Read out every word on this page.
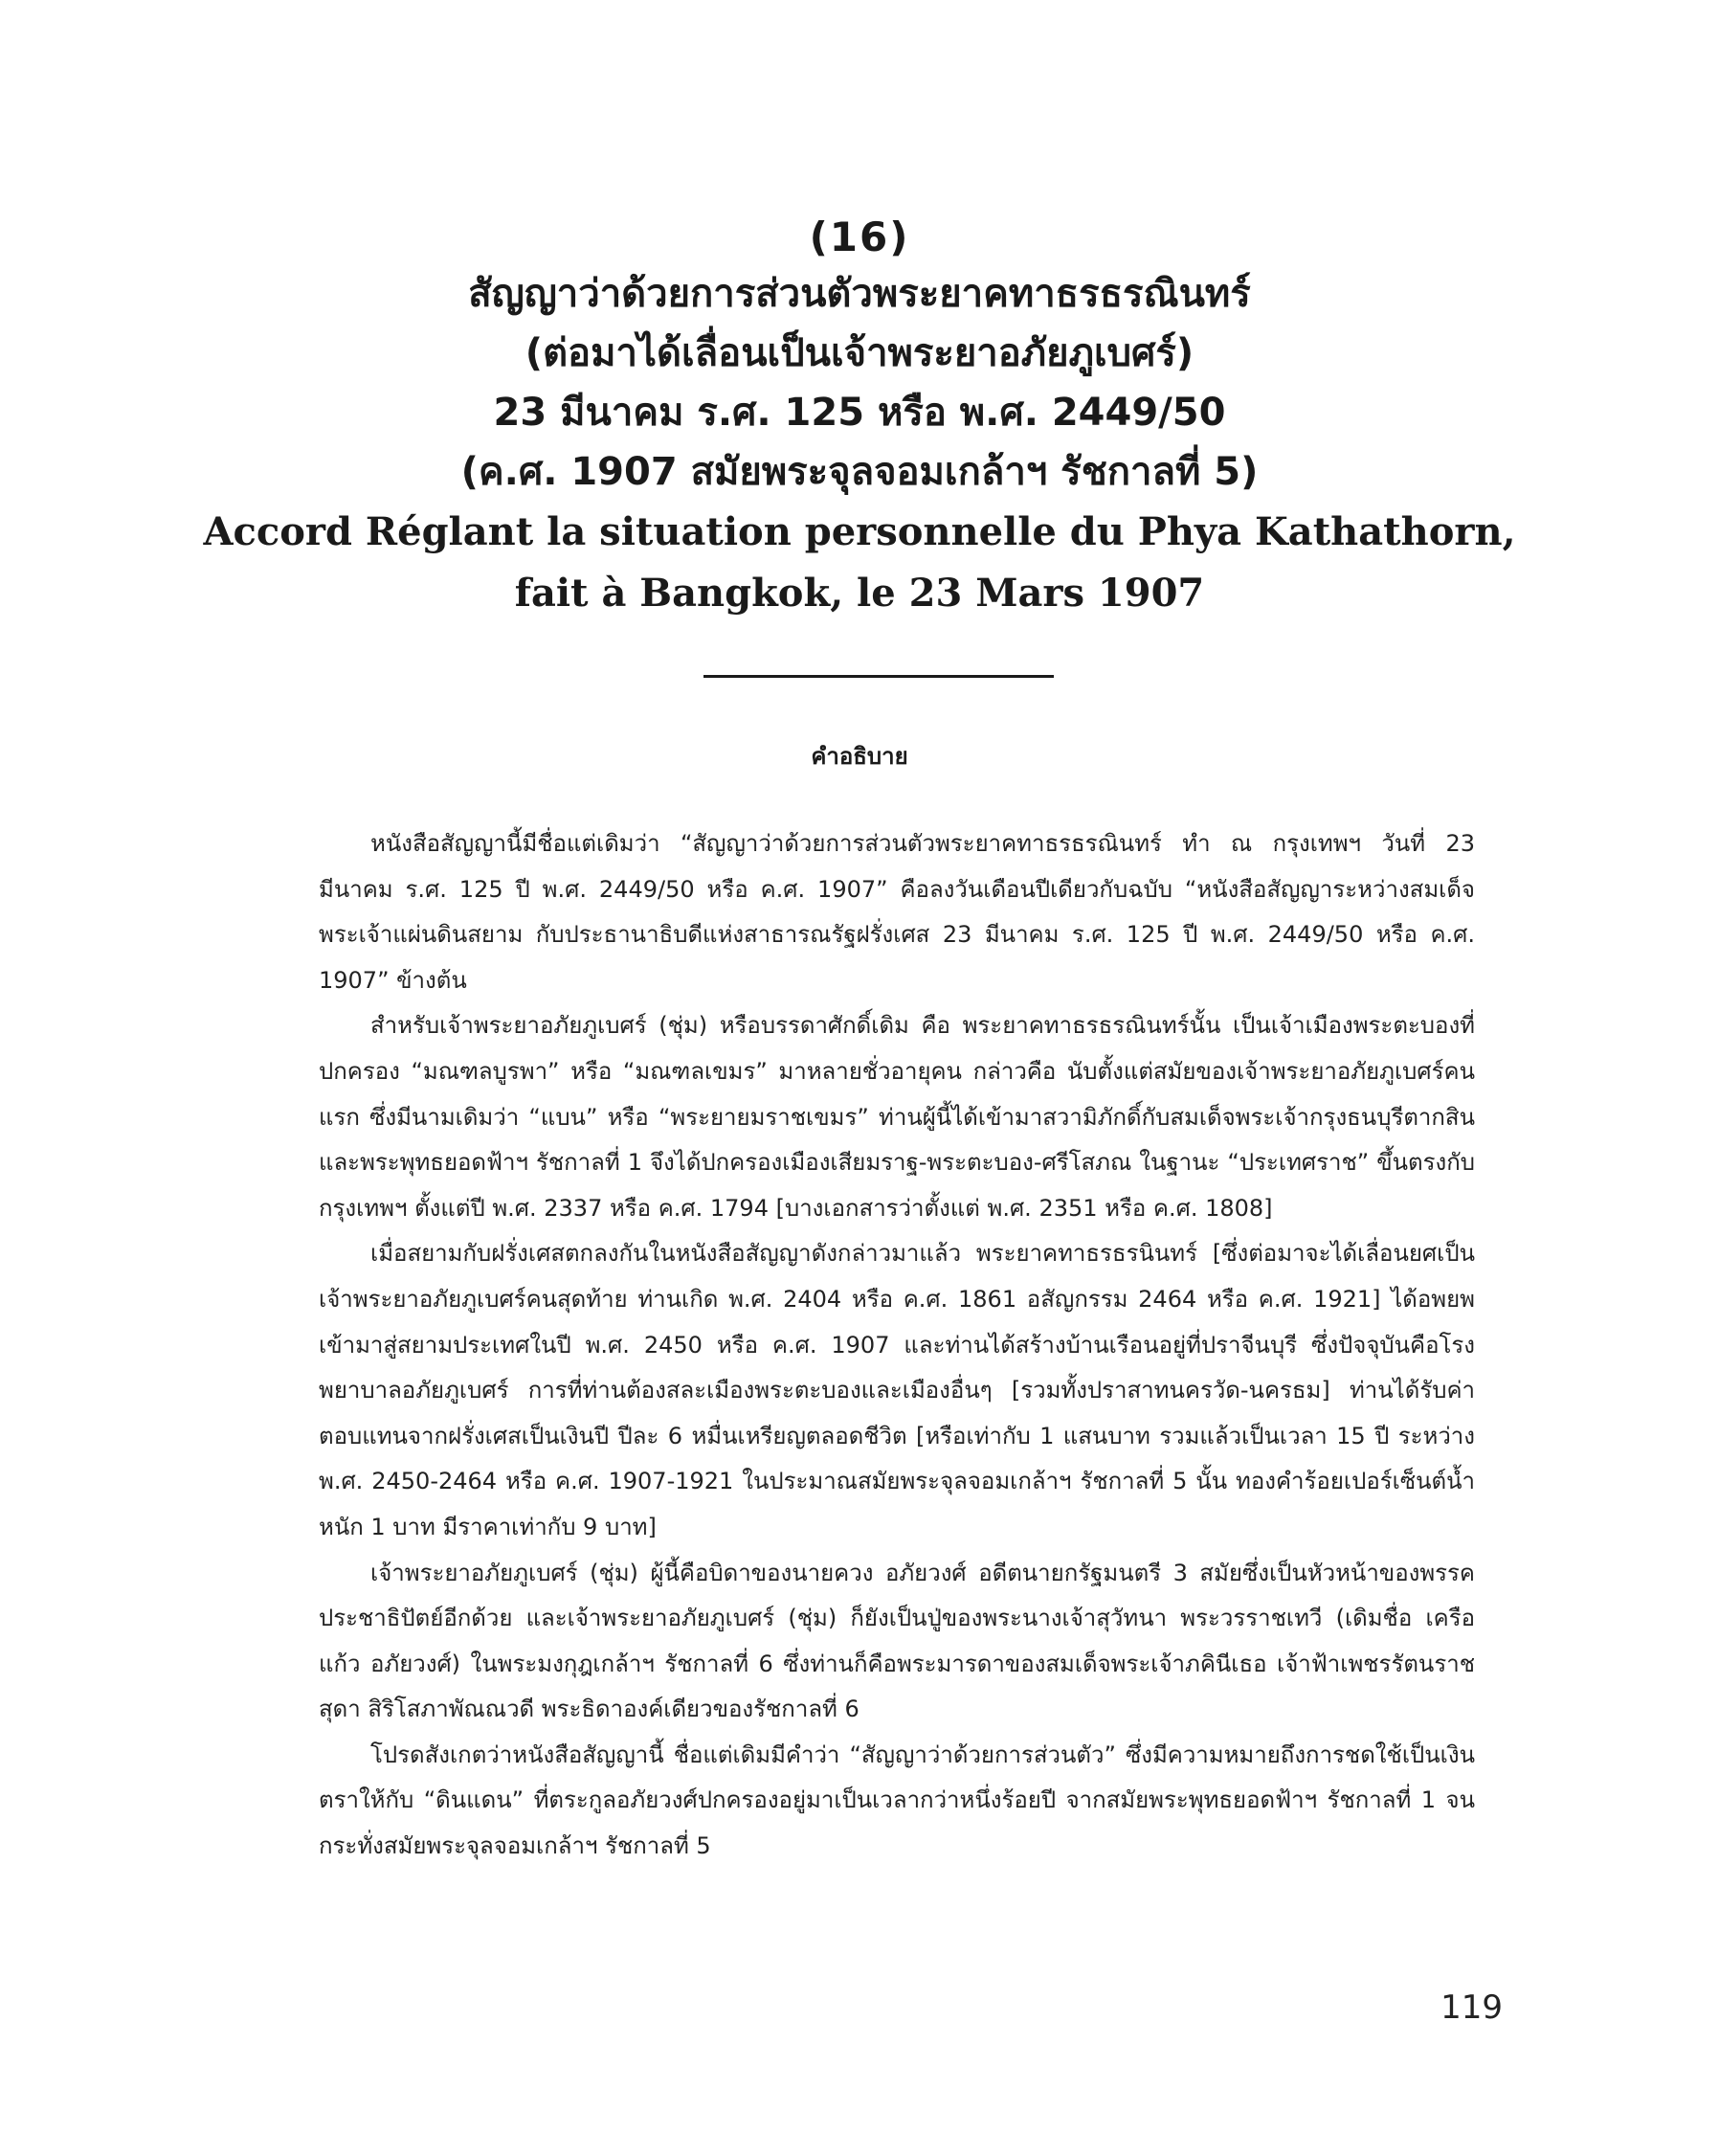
(16)

สัญญาว่าด้วยการส่วนตัวพระยาคทาธรธรณินทร์

(ต่อมาได้เลื่อนเป็นเจ้าพระยาอภัยภูเบศร์)

23 มีนาคม ร.ศ. 125 หรือ พ.ศ. 2449/50

(ค.ศ. 1907 สมัยพระจุลจอมเกล้าฯ รัชกาลที่ 5)

Accord Réglant la situation personnelle du Phya Kathathorn,

fait à Bangkok, le 23 Mars 1907

คำอธิบาย

หนังสือสัญญานี้มีชื่อแต่เดิมว่า “สัญญาว่าด้วยการส่วนตัวพระยาคทาธรธรณินทร์ ทำ ณ กรุงเทพฯ วันที่ 23 มีนาคม ร.ศ. 125 ปี พ.ศ. 2449/50 หรือ ค.ศ. 1907” คือลงวันเดือนปีเดียวกับฉบับ “หนังสือสัญญาระหว่างสมเด็จพระเจ้าแผ่นดินสยาม กับประธานาธิบดีแห่งสาธารณรัฐฝรั่งเศส 23 มีนาคม ร.ศ. 125 ปี พ.ศ. 2449/50 หรือ ค.ศ. 1907” ข้างต้น

สำหรับเจ้าพระยาอภัยภูเบศร์ (ชุ่ม) หรือบรรดาศักดิ์เดิม คือ พระยาคทาธรธรณินทร์นั้น เป็นเจ้าเมืองพระตะบองที่ปกครอง “มณฑลบูรพา” หรือ “มณฑลเขมร” มาหลายชั่วอายุคน กล่าวคือ นับตั้งแต่สมัยของเจ้าพระยาอภัยภูเบศร์คนแรก ซึ่งมีนามเดิมว่า “แบน” หรือ “พระยายมราชเขมร” ท่านผู้นี้ได้เข้ามาสวามิภักดิ์กับสมเด็จพระเจ้ากรุงธนบุรีตากสิน และพระพุทธยอดฟ้าฯ รัชกาลที่ 1 จึงได้ปกครองเมืองเสียมราฐ-พระตะบอง-ศรีโสภณ ในฐานะ “ประเทศราช” ขึ้นตรงกับกรุงเทพฯ ตั้งแต่ปี พ.ศ. 2337 หรือ ค.ศ. 1794 [บางเอกสารว่าตั้งแต่ พ.ศ. 2351 หรือ ค.ศ. 1808]

เมื่อสยามกับฝรั่งเศสตกลงกันในหนังสือสัญญาดังกล่าวมาแล้ว พระยาคทาธรธรนินทร์ [ซึ่งต่อมาจะได้เลื่อนยศเป็นเจ้าพระยาอภัยภูเบศร์คนสุดท้าย ท่านเกิด พ.ศ. 2404 หรือ ค.ศ. 1861 อสัญกรรม 2464 หรือ ค.ศ. 1921] ได้อพยพเข้ามาสู่สยามประเทศในปี พ.ศ. 2450 หรือ ค.ศ. 1907 และท่านได้สร้างบ้านเรือนอยู่ที่ปราจีนบุรี ซึ่งปัจจุบันคือโรงพยาบาลอภัยภูเบศร์ การที่ท่านต้องสละเมืองพระตะบองและเมืองอื่นๆ [รวมทั้งปราสาทนครวัด-นครธม] ท่านได้รับค่าตอบแทนจากฝรั่งเศสเป็นเงินปี ปีละ 6 หมื่นเหรียญตลอดชีวิต [หรือเท่ากับ 1 แสนบาท รวมแล้วเป็นเวลา 15 ปี ระหว่าง พ.ศ. 2450-2464 หรือ ค.ศ. 1907-1921 ในประมาณสมัยพระจุลจอมเกล้าฯ รัชกาลที่ 5 นั้น ทองคำร้อยเปอร์เซ็นต์น้ำหนัก 1 บาท มีราคาเท่ากับ 9 บาท]

เจ้าพระยาอภัยภูเบศร์ (ชุ่ม) ผู้นี้คือบิดาของนายควง อภัยวงศ์ อดีตนายกรัฐมนตรี 3 สมัยซึ่งเป็นหัวหน้าของพรรคประชาธิปัตย์อีกด้วย และเจ้าพระยาอภัยภูเบศร์ (ชุ่ม) ก็ยังเป็นปู่ของพระนางเจ้าสุวัทนา พระวรราชเทวี (เดิมชื่อ เครือแก้ว อภัยวงศ์) ในพระมงกุฎเกล้าฯ รัชกาลที่ 6 ซึ่งท่านก็คือพระมารดาของสมเด็จพระเจ้าภคินีเธอ เจ้าฟ้าเพชรรัตนราชสุดา สิริโสภาพัณณวดี พระธิดาองค์เดียวของรัชกาลที่ 6

โปรดสังเกตว่าหนังสือสัญญานี้ ชื่อแต่เดิมมีคำว่า “สัญญาว่าด้วยการส่วนตัว” ซึ่งมีความหมายถึงการชดใช้เป็นเงินตราให้กับ “ดินแดน” ที่ตระกูลอภัยวงศ์ปกครองอยู่มาเป็นเวลากว่าหนึ่งร้อยปี จากสมัยพระพุทธยอดฟ้าฯ รัชกาลที่ 1 จนกระทั่งสมัยพระจุลจอมเกล้าฯ รัชกาลที่ 5

119
